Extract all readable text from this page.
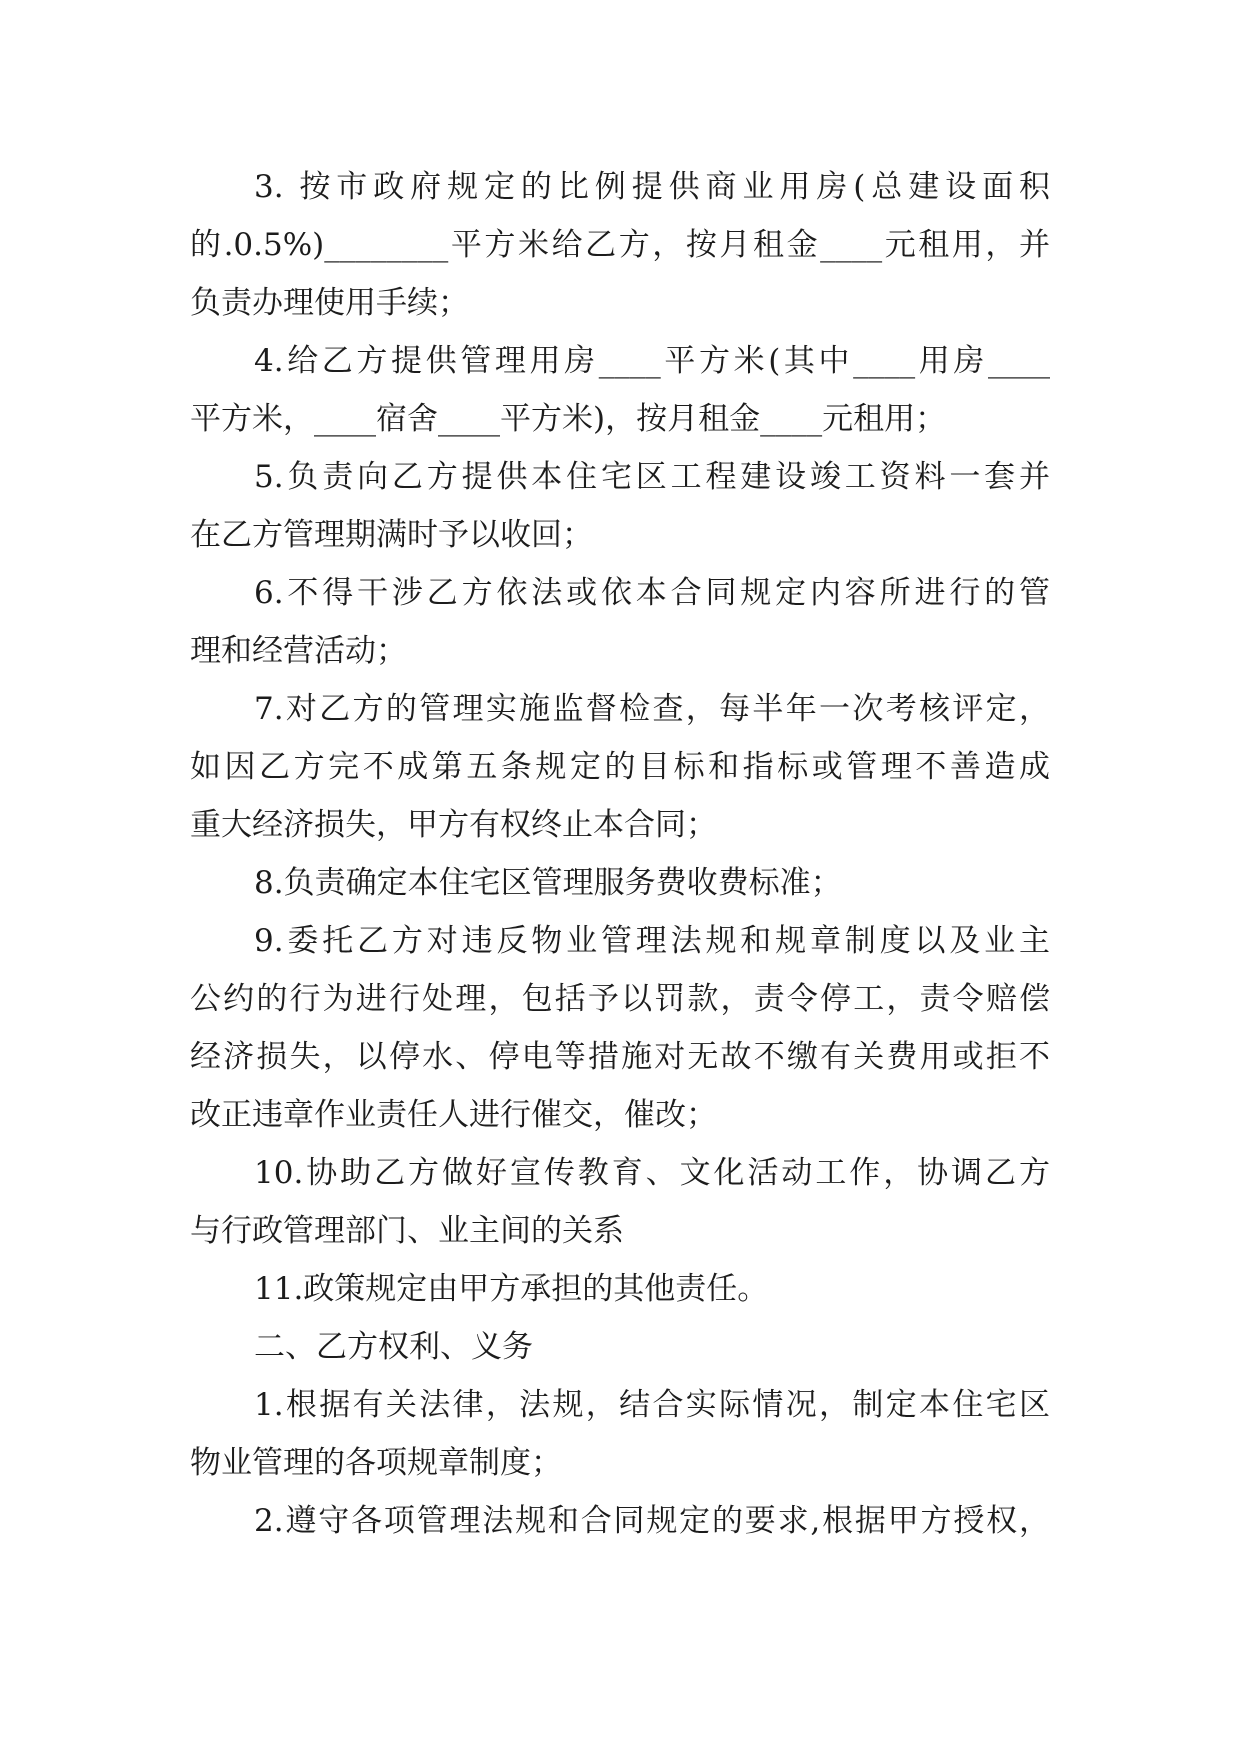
3. 按市政府规定的比例提供商业用房(总建设面积
的.0.5%)________平方米给乙方，按月租金____元租用，并
负责办理使用手续；
4.给乙方提供管理用房____平方米(其中____用房____
平方米，____宿舍____平方米)，按月租金____元租用；
5.负责向乙方提供本住宅区工程建设竣工资料一套并
在乙方管理期满时予以收回；
6.不得干涉乙方依法或依本合同规定内容所进行的管
理和经营活动；
7.对乙方的管理实施监督检查，每半年一次考核评定，
如因乙方完不成第五条规定的目标和指标或管理不善造成
重大经济损失，甲方有权终止本合同；
8.负责确定本住宅区管理服务费收费标准；
9.委托乙方对违反物业管理法规和规章制度以及业主
公约的行为进行处理，包括予以罚款，责令停工，责令赔偿
经济损失，以停水、停电等措施对无故不缴有关费用或拒不
改正违章作业责任人进行催交，催改；
10.协助乙方做好宣传教育、文化活动工作，协调乙方
与行政管理部门、业主间的关系
11.政策规定由甲方承担的其他责任。
二、乙方权利、义务
1.根据有关法律，法规，结合实际情况，制定本住宅区
物业管理的各项规章制度；
2.遵守各项管理法规和合同规定的要求,根据甲方授权，
